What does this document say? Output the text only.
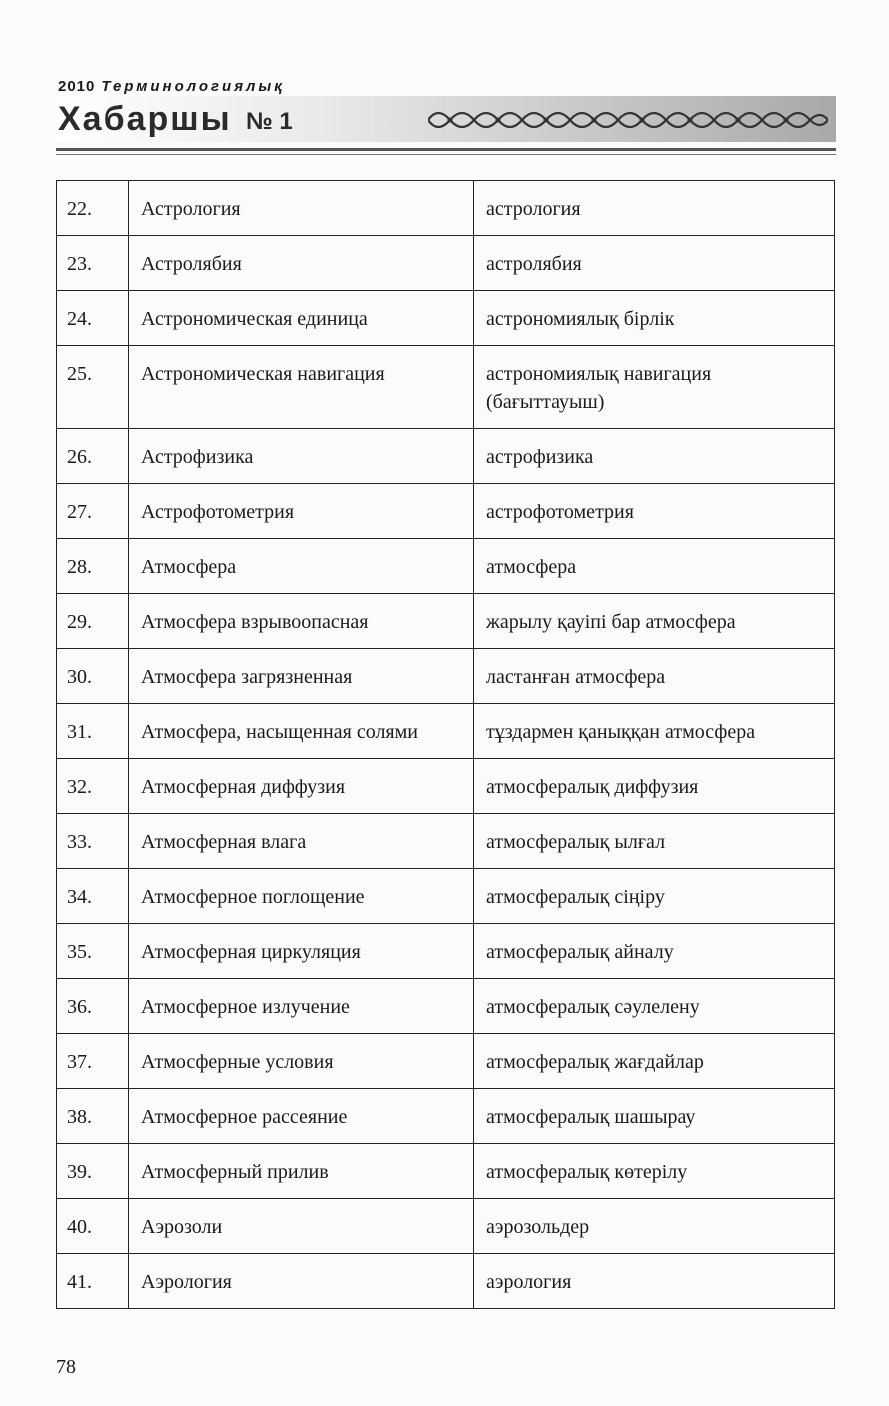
2010 Терминологиялық
Хабаршы № 1
22.	Астрология	астрология
23.	Астролябия	астролябия
24.	Астрономическая единица	астрономиялық бірлік
25.	Астрономическая навигация	астрономиялық навигация (бағыттауыш)
26.	Астрофизика	астрофизика
27.	Астрофотометрия	астрофотометрия
28.	Атмосфера	атмосфера
29.	Атмосфера взрывоопасная	жарылу қауіпі бар атмосфера
30.	Атмосфера загрязненная	ластанған атмосфера
31.	Атмосфера, насыщенная солями	тұздармен қаныққан атмосфера
32.	Атмосферная диффузия	атмосфералық диффузия
33.	Атмосферная влага	атмосфералық ылғал
34.	Атмосферное поглощение	атмосфералық сіңіру
35.	Атмосферная циркуляция	атмосфералық айналу
36.	Атмосферное излучение	атмосфералық сәулелену
37.	Атмосферные условия	атмосфералық жағдайлар
38.	Атмосферное рассеяние	атмосфералық шашырау
39.	Атмосферный прилив	атмосфералық көтерілу
40.	Аэрозоли	аэрозольдер
41.	Аэрология	аэрология
78
